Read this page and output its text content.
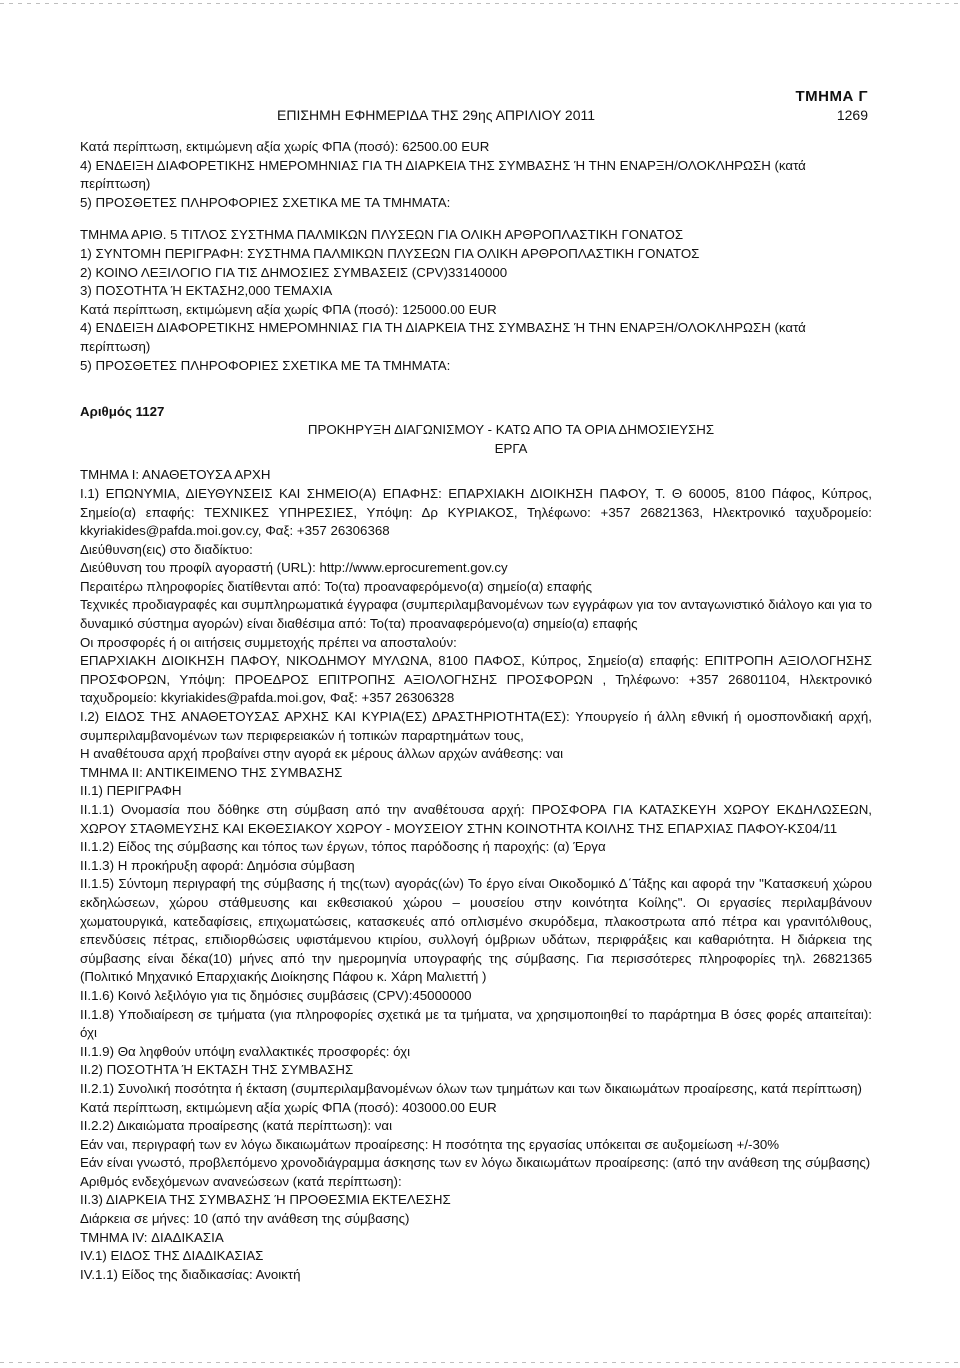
ΤΜΗΜΑ Γ
ΕΠΙΣΗΜΗ ΕΦΗΜΕΡΙΔΑ ΤΗΣ 29ης ΑΠΡΙΛΙΟΥ 2011	1269

Κατά περίπτωση, εκτιμώμενη αξία χωρίς ΦΠΑ (ποσό): 62500.00 EUR

4) ΕΝΔΕΙΞΗ ΔΙΑΦΟΡΕΤΙΚΗΣ ΗΜΕΡΟΜΗΝΙΑΣ ΓΙΑ ΤΗ ΔΙΑΡΚΕΙΑ ΤΗΣ ΣΥΜΒΑΣΗΣ Ή ΤΗΝ ΕΝΑΡΞΗ/ΟΛΟΚΛΗΡΩΣΗ (κατά περίπτωση)

5) ΠΡΟΣΘΕΤΕΣ ΠΛΗΡΟΦΟΡΙΕΣ ΣΧΕΤΙΚΑ ΜΕ ΤΑ ΤΜΗΜΑΤΑ:

ΤΜΗΜΑ ΑΡΙΘ. 5 ΤΙΤΛΟΣ ΣΥΣΤΗΜΑ ΠΑΛΜΙΚΩΝ ΠΛΥΣΕΩΝ ΓΙΑ ΟΛΙΚΗ ΑΡΘΡΟΠΛΑΣΤΙΚΗ ΓΟΝΑΤΟΣ

1) ΣΥΝΤΟΜΗ ΠΕΡΙΓΡΑΦΗ: ΣΥΣΤΗΜΑ ΠΑΛΜΙΚΩΝ ΠΛΥΣΕΩΝ ΓΙΑ ΟΛΙΚΗ ΑΡΘΡΟΠΛΑΣΤΙΚΗ ΓΟΝΑΤΟΣ

2) ΚΟΙΝΟ ΛΕΞΙΛΟΓΙΟ ΓΙΑ ΤΙΣ ΔΗΜΟΣΙΕΣ ΣΥΜΒΑΣΕΙΣ (CPV)33140000

3) ΠΟΣΟΤΗΤΑ Ή ΕΚΤΑΣΗ2,000 ΤΕΜΑΧΙΑ

Κατά περίπτωση, εκτιμώμενη αξία χωρίς ΦΠΑ (ποσό): 125000.00 EUR

4) ΕΝΔΕΙΞΗ ΔΙΑΦΟΡΕΤΙΚΗΣ ΗΜΕΡΟΜΗΝΙΑΣ ΓΙΑ ΤΗ ΔΙΑΡΚΕΙΑ ΤΗΣ ΣΥΜΒΑΣΗΣ Ή ΤΗΝ ΕΝΑΡΞΗ/ΟΛΟΚΛΗΡΩΣΗ (κατά περίπτωση)

5) ΠΡΟΣΘΕΤΕΣ ΠΛΗΡΟΦΟΡΙΕΣ ΣΧΕΤΙΚΑ ΜΕ ΤΑ ΤΜΗΜΑΤΑ:

Αριθμός 1127
ΠΡΟΚΗΡΥΞΗ ΔΙΑΓΩΝΙΣΜΟΥ - ΚΑΤΩ ΑΠΟ ΤΑ ΟΡΙΑ ΔΗΜΟΣΙΕΥΣΗΣ
ΕΡΓΑ

ΤΜΗΜΑ Ι: ΑΝΑΘΕΤΟΥΣΑ ΑΡΧΗ

Ι.1) ΕΠΩΝΥΜΙΑ, ΔΙΕΥΘΥΝΣΕΙΣ ΚΑΙ ΣΗΜΕΙΟ(Α) ΕΠΑΦΗΣ: ΕΠΑΡΧΙΑΚΗ ΔΙΟΙΚΗΣΗ ΠΑΦΟΥ, Τ. Θ 60005, 8100 Πάφος, Κύπρος, Σημείο(α) επαφής: ΤΕΧΝΙΚΕΣ ΥΠΗΡΕΣΙΕΣ, Υπόψη: Δρ ΚΥΡΙΑΚΟΣ, Τηλέφωνο: +357 26821363, Ηλεκτρονικό ταχυδρομείο: kkyriakides@pafda.moi.gov.cy, Φαξ: +357 26306368

Διεύθυνση(εις) στο διαδίκτυο:

Διεύθυνση του προφίλ αγοραστή (URL): http://www.eprocurement.gov.cy

Περαιτέρω πληροφορίες διατίθενται από: Το(τα) προαναφερόμενο(α) σημείο(α) επαφής

Τεχνικές προδιαγραφές και συμπληρωματικά έγγραφα (συμπεριλαμβανομένων των εγγράφων για τον ανταγωνιστικό διάλογο και για το δυναμικό σύστημα αγορών) είναι διαθέσιμα από: Το(τα) προαναφερόμενο(α) σημείο(α) επαφής

Οι προσφορές ή οι αιτήσεις συμμετοχής πρέπει να αποσταλούν:

ΕΠΑΡΧΙΑΚΗ ΔΙΟΙΚΗΣΗ ΠΑΦΟΥ, ΝΙΚΟΔΗΜΟΥ ΜΥΛΩΝΑ, 8100 ΠΑΦΟΣ, Κύπρος, Σημείο(α) επαφής: ΕΠΙΤΡΟΠΗ ΑΞΙΟΛΟΓΗΣΗΣ ΠΡΟΣΦΟΡΩΝ, Υπόψη: ΠΡΟΕΔΡΟΣ ΕΠΙΤΡΟΠΗΣ ΑΞΙΟΛΟΓΗΣΗΣ ΠΡΟΣΦΟΡΩΝ , Τηλέφωνο: +357 26801104, Ηλεκτρονικό ταχυδρομείο: kkyriakides@pafda.moi.gov, Φαξ: +357 26306328

Ι.2) ΕΙΔΟΣ ΤΗΣ ΑΝΑΘΕΤΟΥΣΑΣ ΑΡΧΗΣ ΚΑΙ ΚΥΡΙΑ(ΕΣ) ΔΡΑΣΤΗΡΙΟΤΗΤΑ(ΕΣ): Υπουργείο ή άλλη εθνική ή ομοσπονδιακή αρχή, συμπεριλαμβανομένων των περιφερειακών ή τοπικών παραρτημάτων τους,

Η αναθέτουσα αρχή προβαίνει στην αγορά εκ μέρους άλλων αρχών ανάθεσης: ναι

ΤΜΗΜΑ ΙΙ: ΑΝΤΙΚΕΙΜΕΝΟ ΤΗΣ ΣΥΜΒΑΣΗΣ

ΙΙ.1) ΠΕΡΙΓΡΑΦΗ

ΙΙ.1.1) Ονομασία που δόθηκε στη σύμβαση από την αναθέτουσα αρχή: ΠΡΟΣΦΟΡΑ ΓΙΑ ΚΑΤΑΣΚΕΥΗ ΧΩΡΟΥ ΕΚΔΗΛΩΣΕΩΝ, ΧΩΡΟΥ ΣΤΑΘΜΕΥΣΗΣ ΚΑΙ ΕΚΘΕΣΙΑΚΟΥ ΧΩΡΟΥ - ΜΟΥΣΕΙΟΥ ΣΤΗΝ ΚΟΙΝΟΤΗΤΑ ΚΟΙΛΗΣ ΤΗΣ ΕΠΑΡΧΙΑΣ ΠΑΦΟΥ-ΚΣ04/11

ΙΙ.1.2) Είδος της σύμβασης και τόπος των έργων, τόπος παρόδοσης ή παροχής: (α) Έργα

ΙΙ.1.3) Η προκήρυξη αφορά: Δημόσια σύμβαση

ΙΙ.1.5) Σύντομη περιγραφή της σύμβασης ή της(των) αγοράς(ών) Το έργο είναι Οικοδομικό Δ΄Τάξης και αφορά την "Κατασκευή χώρου εκδηλώσεων, χώρου στάθμευσης και εκθεσιακού χώρου – μουσείου στην κοινότητα Κοίλης". Οι εργασίες περιλαμβάνουν χωματουργικά, κατεδαφίσεις, επιχωματώσεις, κατασκευές από οπλισμένο σκυρόδεμα, πλακοστρωτα από πέτρα και γρανιτόλιθους, επενδύσεις πέτρας, επιδιορθώσεις υφιστάμενου κτιρίου, συλλογή όμβριων υδάτων, περιφράξεις και καθαριότητα. Η διάρκεια της σύμβασης είναι δέκα(10) μήνες από την ημερομηνία υπογραφής της σύμβασης. Για περισσότερες πληροφορίες τηλ. 26821365 (Πολιτικό Μηχανικό Επαρχιακής Διοίκησης Πάφου κ. Χάρη Μαλιεττή )

ΙΙ.1.6) Κοινό λεξιλόγιο για τις δημόσιες συμβάσεις (CPV):45000000

ΙΙ.1.8) Υποδιαίρεση σε τμήματα (για πληροφορίες σχετικά με τα τμήματα, να χρησιμοποιηθεί το παράρτημα Β όσες φορές απαιτείται): όχι

ΙΙ.1.9) Θα ληφθούν υπόψη εναλλακτικές προσφορές: όχι

ΙΙ.2) ΠΟΣΟΤΗΤΑ Ή ΕΚΤΑΣΗ ΤΗΣ ΣΥΜΒΑΣΗΣ

ΙΙ.2.1) Συνολική ποσότητα ή έκταση (συμπεριλαμβανομένων όλων των τμημάτων και των δικαιωμάτων προαίρεσης, κατά περίπτωση)

Κατά περίπτωση, εκτιμώμενη αξία χωρίς ΦΠΑ (ποσό): 403000.00 EUR

ΙΙ.2.2) Δικαιώματα προαίρεσης (κατά περίπτωση): ναι

Εάν ναι, περιγραφή των εν λόγω δικαιωμάτων προαίρεσης: Η ποσότητα της εργασίας υπόκειται σε αυξομείωση +/-30%

Εάν είναι γνωστό, προβλεπόμενο χρονοδιάγραμμα άσκησης των εν λόγω δικαιωμάτων προαίρεσης: (από την ανάθεση της σύμβασης)

Αριθμός ενδεχόμενων ανανεώσεων (κατά περίπτωση):

ΙΙ.3) ΔΙΑΡΚΕΙΑ ΤΗΣ ΣΥΜΒΑΣΗΣ Ή ΠΡΟΘΕΣΜΙΑ ΕΚΤΕΛΕΣΗΣ

Διάρκεια σε μήνες: 10 (από την ανάθεση της σύμβασης)

ΤΜΗΜΑ IV: ΔΙΑΔΙΚΑΣΙΑ

IV.1) ΕΙΔΟΣ ΤΗΣ ΔΙΑΔΙΚΑΣΙΑΣ

IV.1.1) Είδος της διαδικασίας: Ανοικτή
